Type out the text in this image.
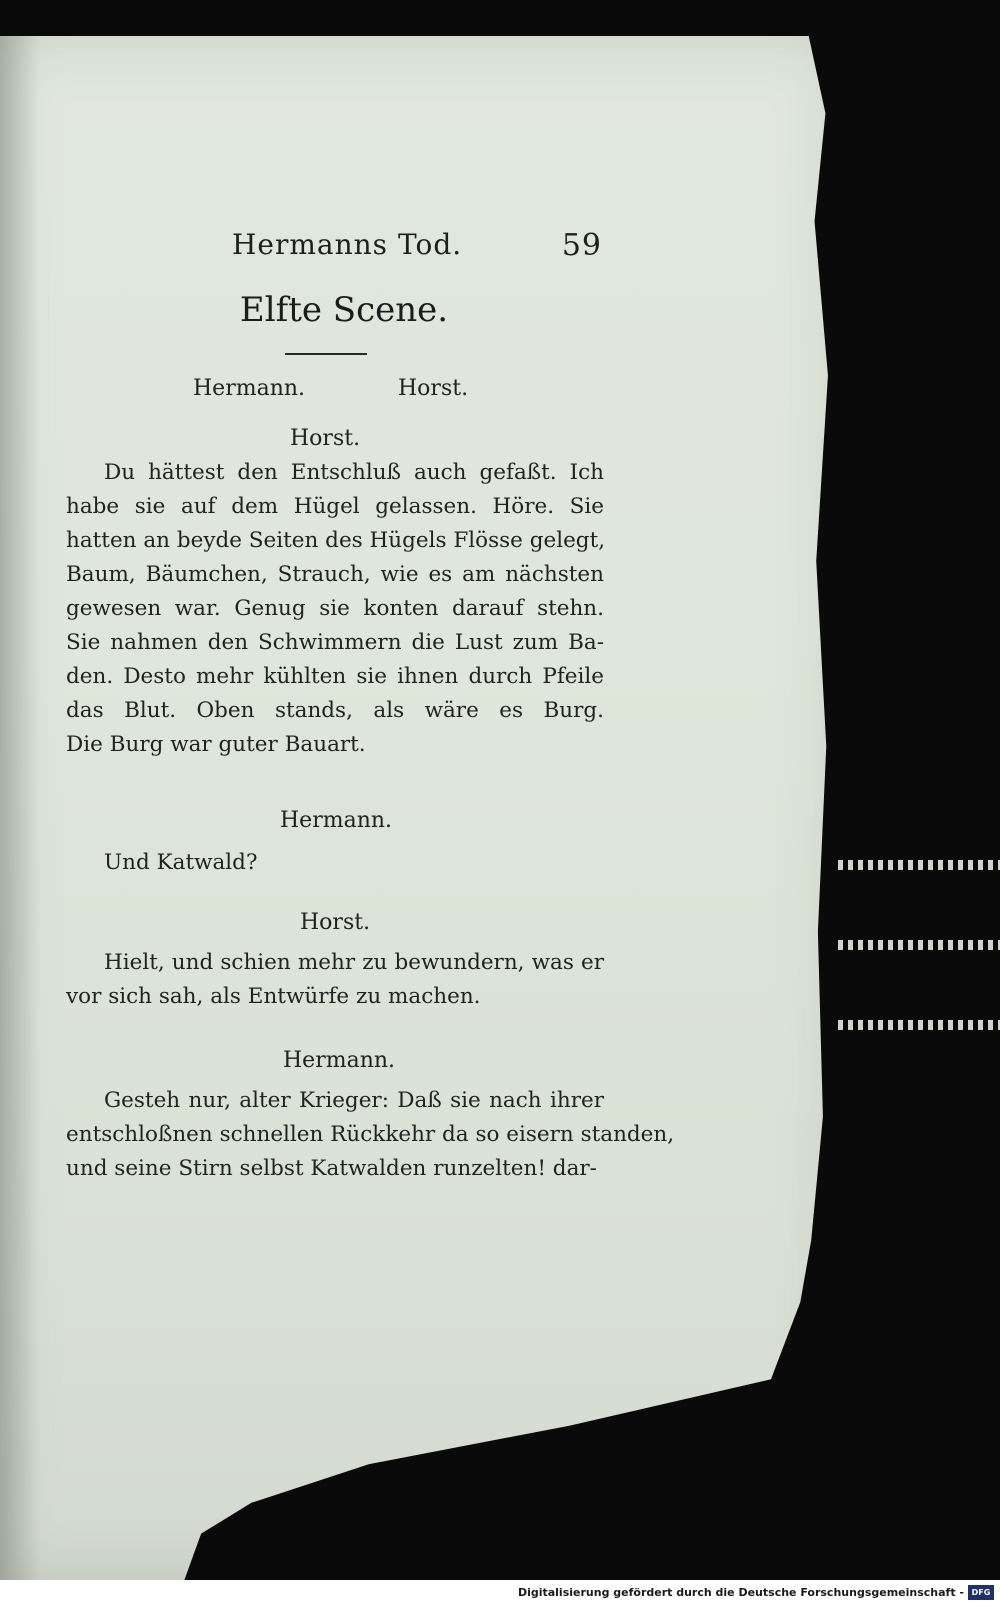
Hermanns Tod.	59
Elfte Scene.
Hermann.	Horst.
Horst.
Du hättest den Entschluß auch gefaßt. Ich
habe sie auf dem Hügel gelassen. Höre. Sie
hatten an beyde Seiten des Hügels Flösse gelegt,
Baum, Bäumchen, Strauch, wie es am nächsten
gewesen war. Genug sie konten darauf stehn.
Sie nahmen den Schwimmern die Lust zum Ba-
den. Desto mehr kühlten sie ihnen durch Pfeile
das Blut. Oben stands, als wäre es Burg.
Die Burg war guter Bauart.
Hermann.
Und Katwald?
Horst.
Hielt, und schien mehr zu bewundern, was er
vor sich sah, als Entwürfe zu machen.
Hermann.
Gesteh nur, alter Krieger: Daß sie nach ihrer
entschloßnen schnellen Rückkehr da so eisern standen,
und seine Stirn selbst Katwalden runzelten! dar-
Digitalisierung gefördert durch die Deutsche Forschungsgemeinschaft - DFG
